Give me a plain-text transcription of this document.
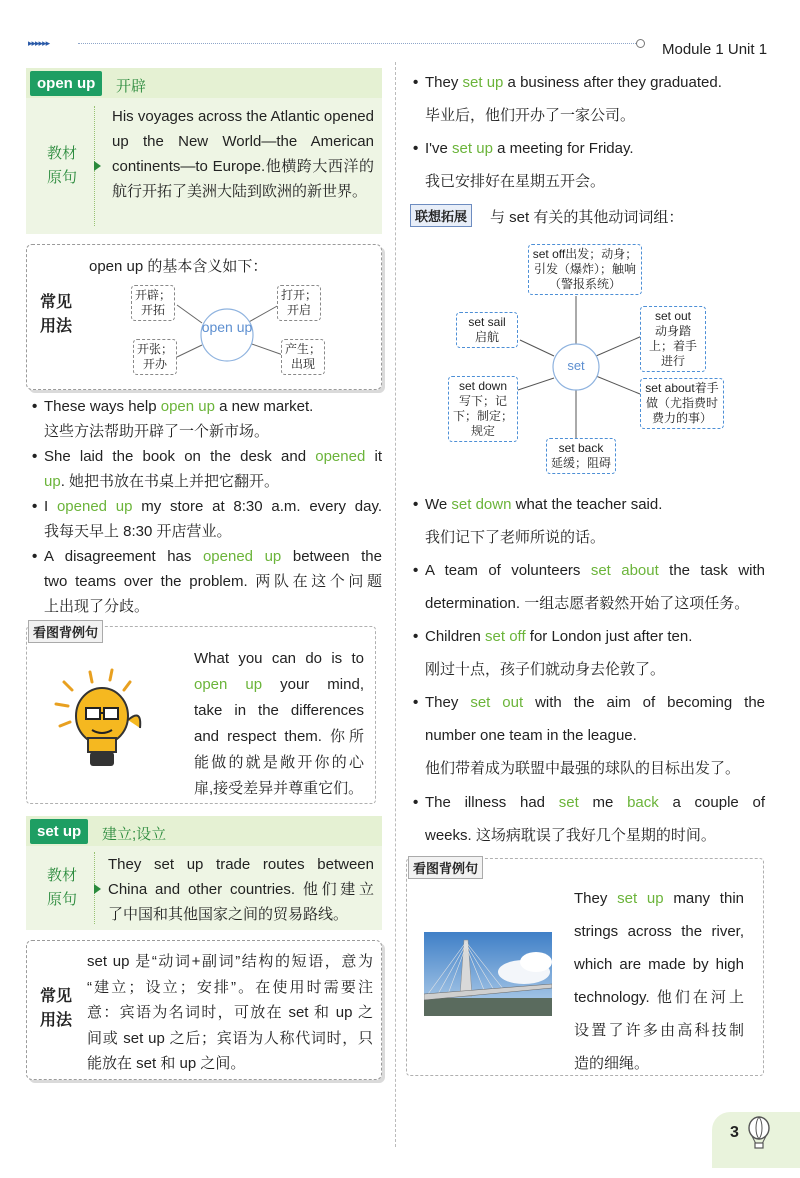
▸▸▸▸▸▸	Module 1 Unit 1
open up	开辟
教材
原句
His voyages across the Atlantic opened up the New World—the American continents—to Europe.他横跨大西洋的航行开拓了美洲大陆到欧洲的新世界。
常见
用法
open up 的基本含义如下：
open up
开辟；开拓
打开；开启
开张；开办
产生；出现
• These ways help open up a new market.
这些方法帮助开辟了一个新市场。
• She laid the book on the desk and opened it
up. 她把书放在书桌上并把它翻开。
• I opened up my store at 8:30 a.m. every day.
我每天早上 8:30 开店营业。
• A disagreement has opened up between the
two teams over the problem. 两队在这个问题
上出现了分歧。
看图背例句
What you can do is to
open up your mind,
take in the differences
and respect them. 你所
能做的就是敞开你的心
扉,接受差异并尊重它们。
set up	建立;设立
教材
原句
They set up trade routes between
China and other countries. 他们建立
了中国和其他国家之间的贸易路线。
常见
用法
set up 是“动词+副词”结构的短语，意为
“建立；设立；安排”。在使用时需要注
意：宾语为名词时，可放在 set 和 up 之
间或 set up 之后；宾语为人称代词时，只
能放在 set 和 up 之间。
• They set up a business after they graduated.
毕业后，他们开办了一家公司。
• I've set up a meeting for Friday.
我已安排好在星期五开会。
联想拓展	与 set 有关的其他动词词组：
set
set off出发；动身；引发（爆炸）；触响（警报系统）
set out
动身踏上；着手进行
set about着手做（尤指费时费力的事）
set back
延缓；阻碍
set down
写下；记下；制定；规定
set sail
启航
• We set down what the teacher said.
我们记下了老师所说的话。
• A team of volunteers set about the task with
determination. 一组志愿者毅然开始了这项任务。
• Children set off for London just after ten.
刚过十点，孩子们就动身去伦敦了。
• They set out with the aim of becoming the
number one team in the league.
他们带着成为联盟中最强的球队的目标出发了。
• The illness had set me back a couple of
weeks. 这场病耽误了我好几个星期的时间。
看图背例句
They set up many thin
strings across the river,
which are made by high
technology. 他们在河上
设置了许多由高科技制
造的细绳。
3
